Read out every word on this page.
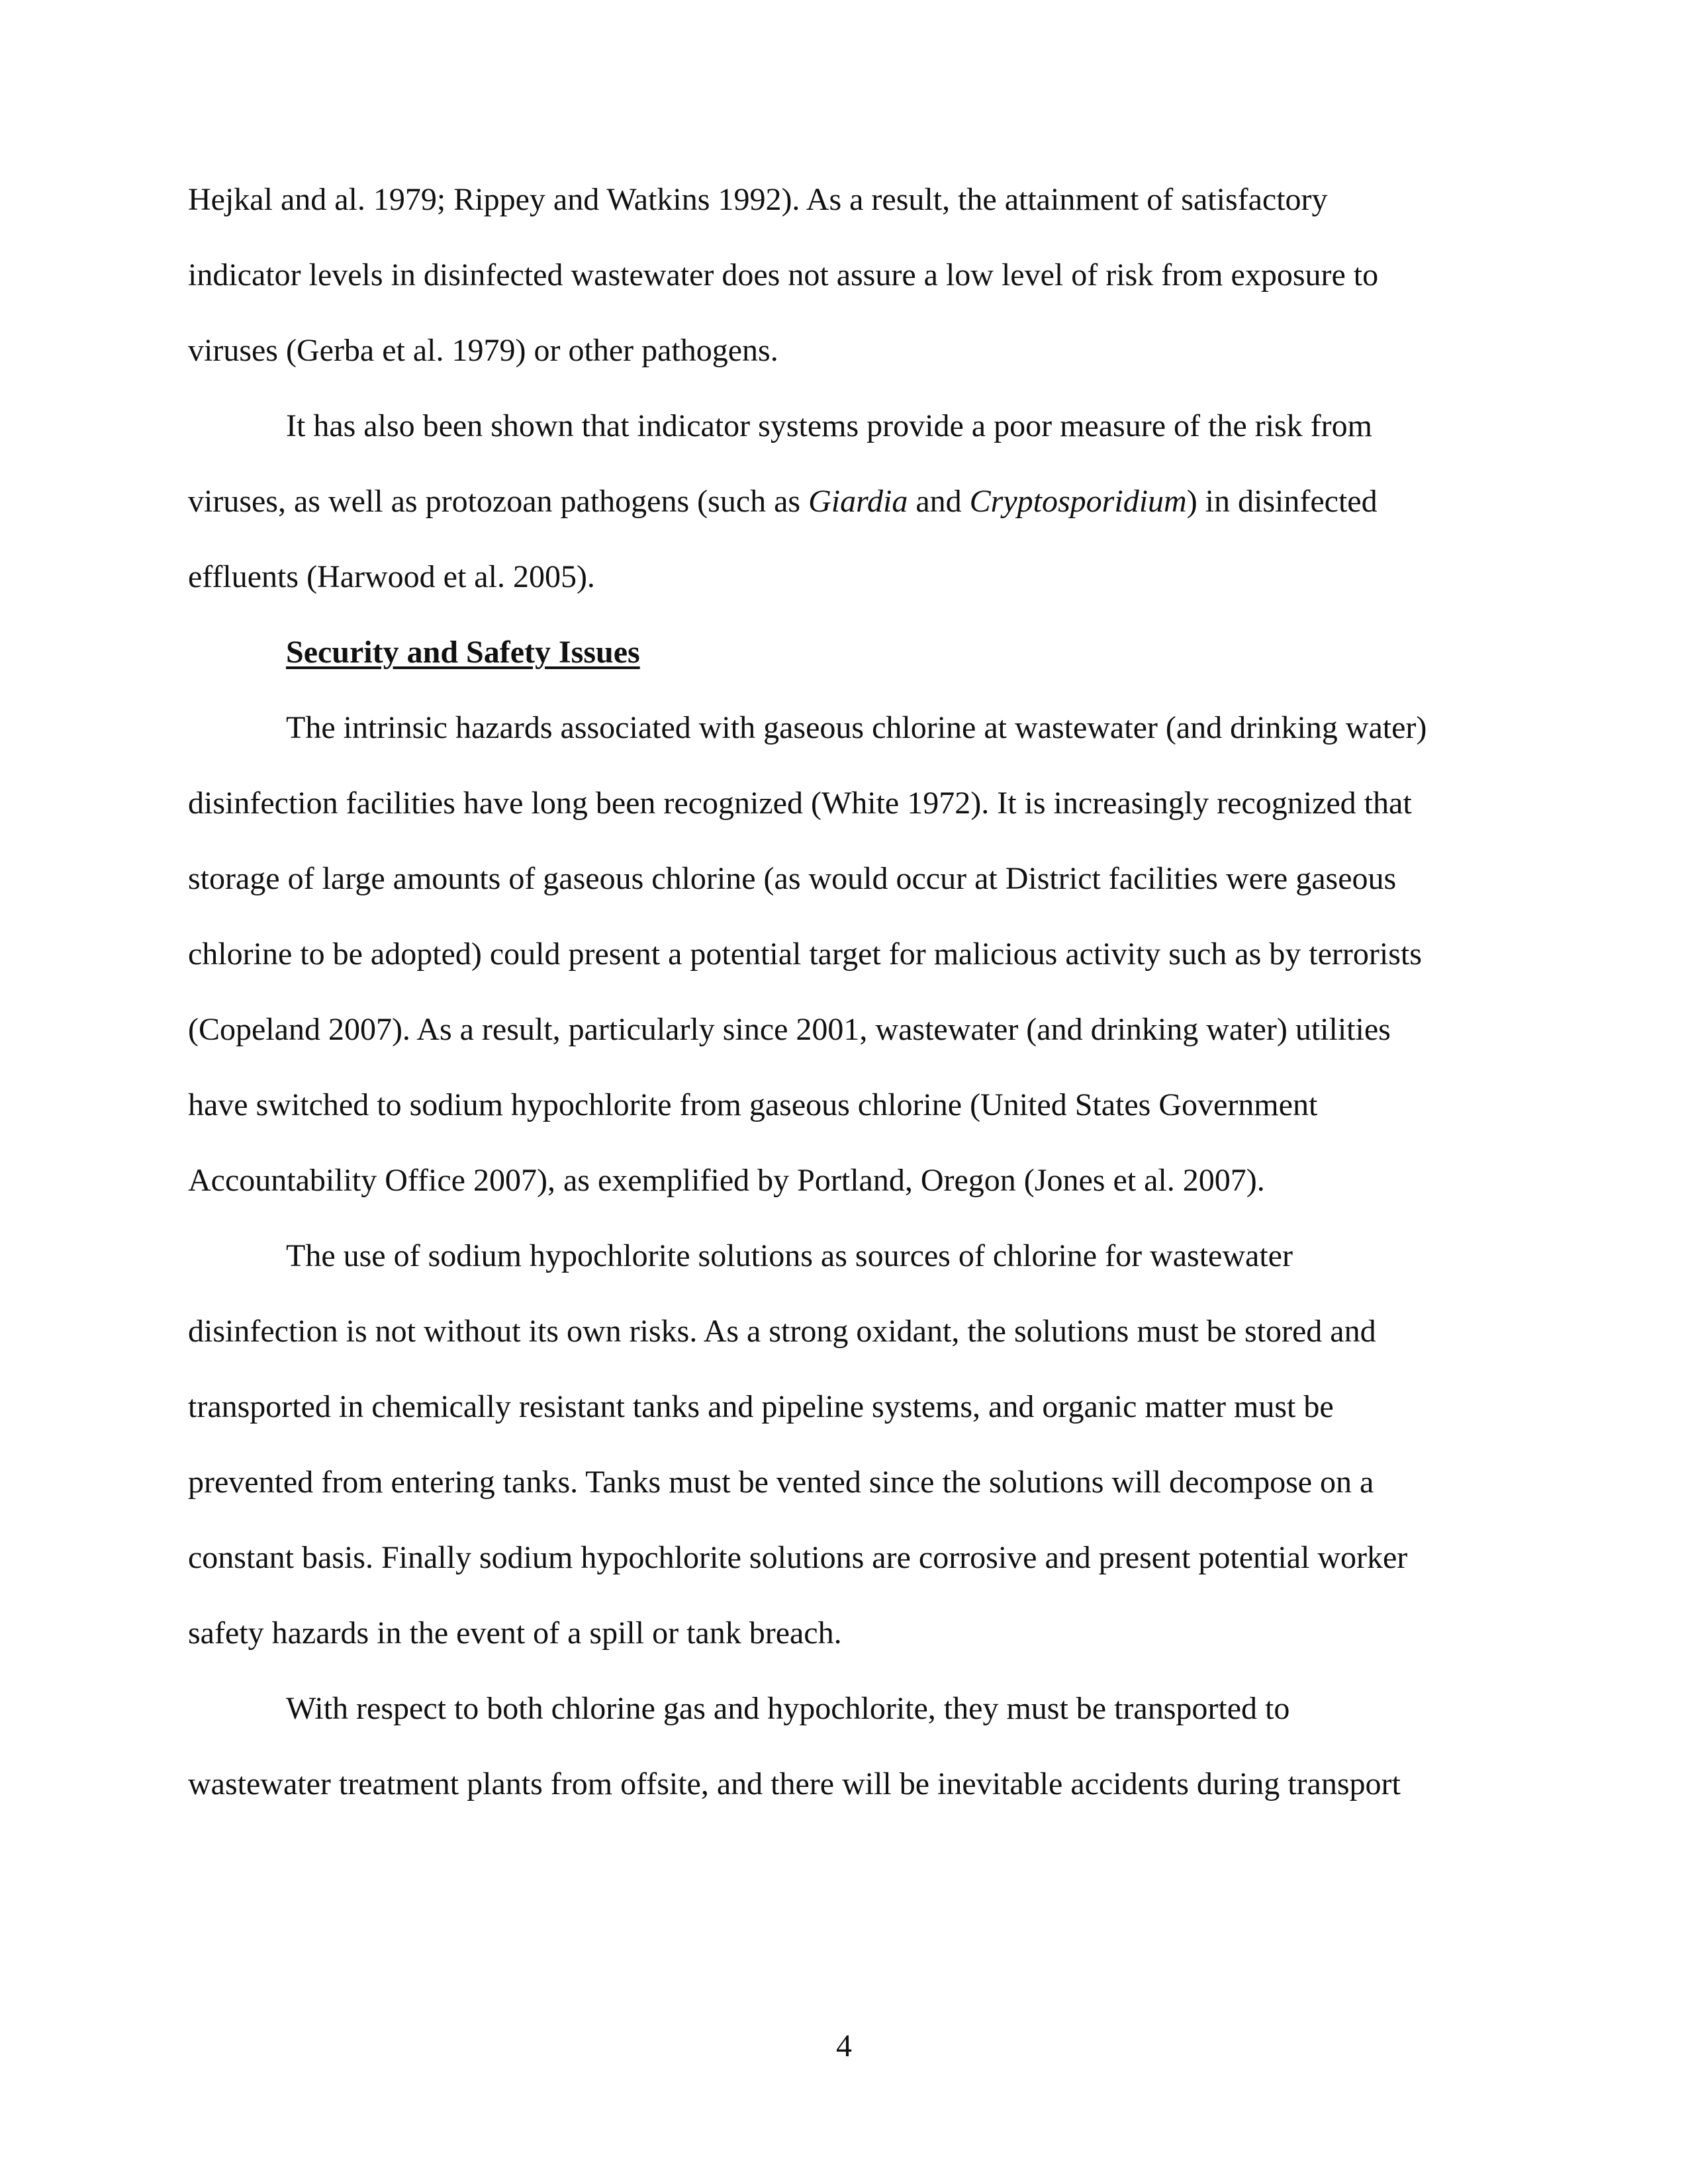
Hejkal and al. 1979; Rippey and Watkins 1992). As a result, the attainment of satisfactory
indicator levels in disinfected wastewater does not assure a low level of risk from exposure to
viruses (Gerba et al. 1979) or other pathogens.
It has also been shown that indicator systems provide a poor measure of the risk from
viruses, as well as protozoan pathogens (such as Giardia and Cryptosporidium) in disinfected
effluents (Harwood et al. 2005).
Security and Safety Issues
The intrinsic hazards associated with gaseous chlorine at wastewater (and drinking water)
disinfection facilities have long been recognized (White 1972). It is increasingly recognized that
storage of large amounts of gaseous chlorine (as would occur at District facilities were gaseous
chlorine to be adopted) could present a potential target for malicious activity such as by terrorists
(Copeland 2007). As a result, particularly since 2001, wastewater (and drinking water) utilities
have switched to sodium hypochlorite from gaseous chlorine (United States Government
Accountability Office 2007), as exemplified by Portland, Oregon (Jones et al. 2007).
The use of sodium hypochlorite solutions as sources of chlorine for wastewater
disinfection is not without its own risks. As a strong oxidant, the solutions must be stored and
transported in chemically resistant tanks and pipeline systems, and organic matter must be
prevented from entering tanks. Tanks must be vented since the solutions will decompose on a
constant basis. Finally sodium hypochlorite solutions are corrosive and present potential worker
safety hazards in the event of a spill or tank breach.
With respect to both chlorine gas and hypochlorite, they must be transported to
wastewater treatment plants from offsite, and there will be inevitable accidents during transport
4
